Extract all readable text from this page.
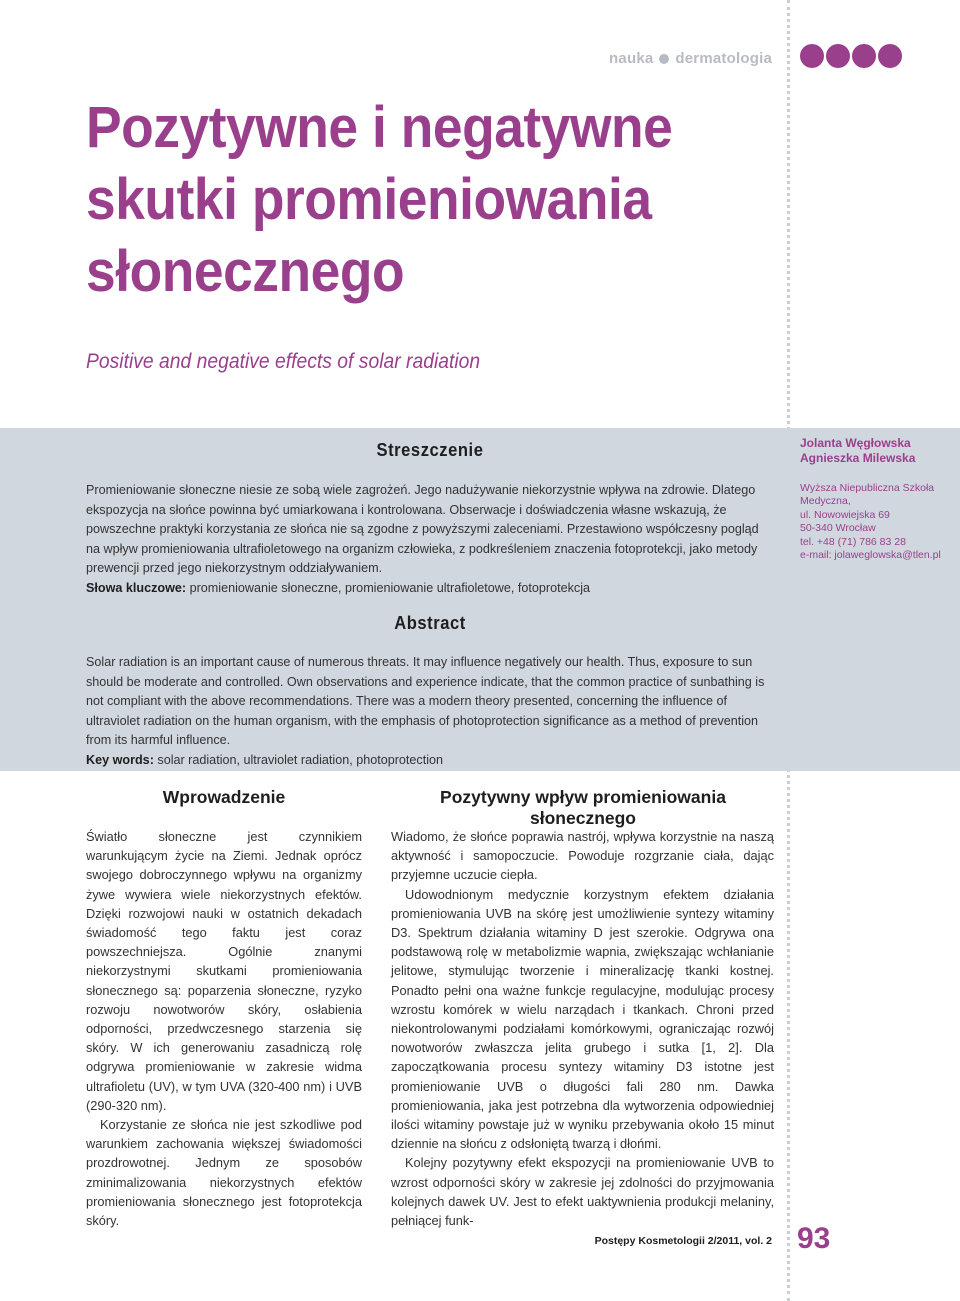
nauka dermatologia
Pozytywne i negatywne
skutki promieniowania
słonecznego
Positive and negative effects of solar radiation
Streszczenie
Promieniowanie słoneczne niesie ze sobą wiele zagrożeń. Jego nadużywanie niekorzystnie wpływa na zdrowie. Dlatego ekspozycja na słońce powinna być umiarkowana i kontrolowana. Obserwacje i doświadczenia własne wskazują, że powszechne praktyki korzystania ze słońca nie są zgodne z powyższymi zaleceniami. Przestawiono współczesny pogląd na wpływ promieniowania ultrafioletowego na organizm człowieka, z podkreśleniem znaczenia fotoprotekcji, jako metody prewencji przed jego niekorzystnym oddziaływaniem.
Słowa kluczowe: promieniowanie słoneczne, promieniowanie ultrafioletowe, fotoprotekcja
Abstract
Solar radiation is an important cause of numerous threats. It may influence negatively our health. Thus, exposure to sun should be moderate and controlled. Own observations and experience indicate, that the common practice of sunbathing is not compliant with the above recommendations. There was a modern theory presented, concerning the influence of ultraviolet radiation on the human organism, with the emphasis of photoprotection significance as a method of prevention from its harmful influence.
Key words: solar radiation, ultraviolet radiation, photoprotection
Jolanta Węgłowska
Agnieszka Milewska
Wyższa Niepubliczna Szkoła
Medyczna,
ul. Nowowiejska 69
50-340 Wrocław
tel. +48 (71) 786 83 28
e-mail: jolaweglowska@tlen.pl
Wprowadzenie

Światło słoneczne jest czynnikiem warunkującym życie na Ziemi. Jednak oprócz swojego dobroczynnego wpływu na organizmy żywe wywiera wiele niekorzystnych efektów. Dzięki rozwojowi nauki w ostatnich dekadach świadomość tego faktu jest coraz powszechniejsza. Ogólnie znanymi niekorzystnymi skutkami promieniowania słonecznego są: poparzenia słoneczne, ryzyko rozwoju nowotworów skóry, osłabienia odporności, przedwczesnego starzenia się skóry. W ich generowaniu zasadniczą rolę odgrywa promieniowanie w zakresie widma ultrafioletu (UV), w tym UVA (320-400 nm) i UVB (290-320 nm).

Korzystanie ze słońca nie jest szkodliwe pod warunkiem zachowania większej świadomości prozdrowotnej. Jednym ze sposobów zminimalizowania niekorzystnych efektów promieniowania słonecznego jest fotoprotekcja skóry.

Pozytywny wpływ promieniowania słonecznego

Wiadomo, że słońce poprawia nastrój, wpływa korzystnie na naszą aktywność i samopoczucie. Powoduje rozgrzanie ciała, dając przyjemne uczucie ciepła.

Udowodnionym medycznie korzystnym efektem działania promieniowania UVB na skórę jest umożliwienie syntezy witaminy D3. Spektrum działania witaminy D jest szerokie. Odgrywa ona podstawową rolę w metabolizmie wapnia, zwiększając wchłanianie jelitowe, stymulując tworzenie i mineralizację tkanki kostnej. Ponadto pełni ona ważne funkcje regulacyjne, modulując procesy wzrostu komórek w wielu narządach i tkankach. Chroni przed niekontrolowanymi podziałami komórkowymi, ograniczając rozwój nowotworów zwłaszcza jelita grubego i sutka [1, 2]. Dla zapoczątkowania procesu syntezy witaminy D3 istotne jest promieniowanie UVB o długości fali 280 nm. Dawka promieniowania, jaka jest potrzebna dla wytworzenia odpowiedniej ilości witaminy powstaje już w wyniku przebywania około 15 minut dziennie na słońcu z odsłoniętą twarzą i dłońmi.

Kolejny pozytywny efekt ekspozycji na promieniowanie UVB to wzrost odporności skóry w zakresie jej zdolności do przyjmowania kolejnych dawek UV. Jest to efekt uaktywnienia produkcji melaniny, pełniącej funk-

Postępy Kosmetologii 2/2011, vol. 2 93
